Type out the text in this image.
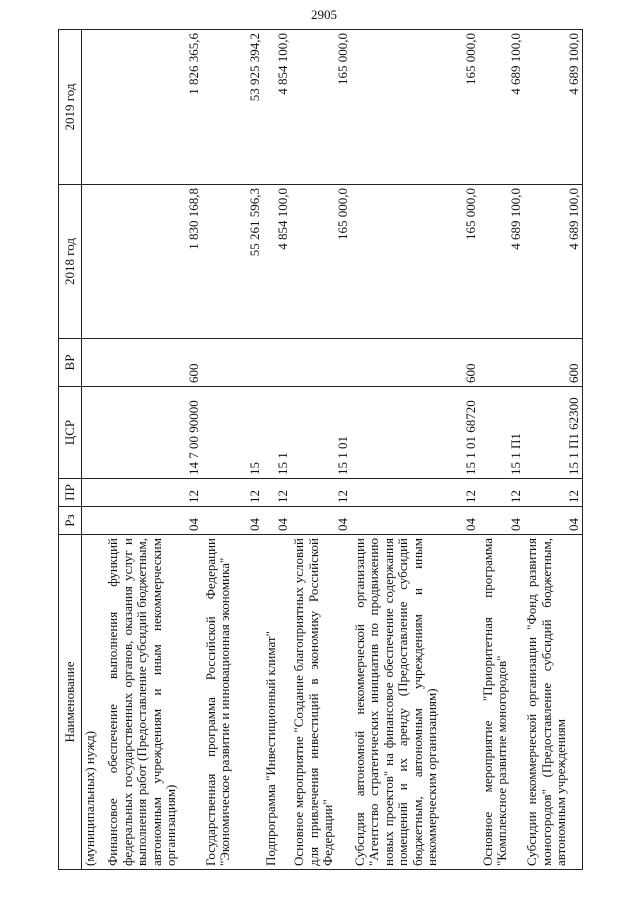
2905
Наименование	Рз	ПР	ЦСР	ВР	2018 год	2019 год
(муниципальных) нужд)						
Финансовое обеспечение выполнения функций федеральных государственных органов, оказания услуг и выполнения работ (Предоставление субсидий бюджетным, автономным учреждениям и иным некоммерческим организациям)	04	12	14 7 00 90000	600	1 830 168,8	1 826 365,6
Государственная программа Российской Федерации "Экономическое развитие и инновационная экономика"	04	12	15		55 261 596,3	53 925 394,2
Подпрограмма "Инвестиционный климат"	04	12	15 1		4 854 100,0	4 854 100,0
Основное мероприятие "Создание благоприятных условий для привлечения инвестиций в экономику Российской Федерации"	04	12	15 1 01		165 000,0	165 000,0
Субсидия автономной некоммерческой организации "Агентство стратегических инициатив по продвижению новых проектов" на финансовое обеспечение содержания помещений и их аренду (Предоставление субсидий бюджетным, автономным учреждениям и иным некоммерческим организациям)	04	12	15 1 01 68720	600	165 000,0	165 000,0
Основное мероприятие "Приоритетная программа "Комплексное развитие моногородов"	04	12	15 1 П1		4 689 100,0	4 689 100,0
Субсидии некоммерческой организации "Фонд развития моногородов" (Предоставление субсидий бюджетным, автономным учреждениям	04	12	15 1 П1 62300	600	4 689 100,0	4 689 100,0
